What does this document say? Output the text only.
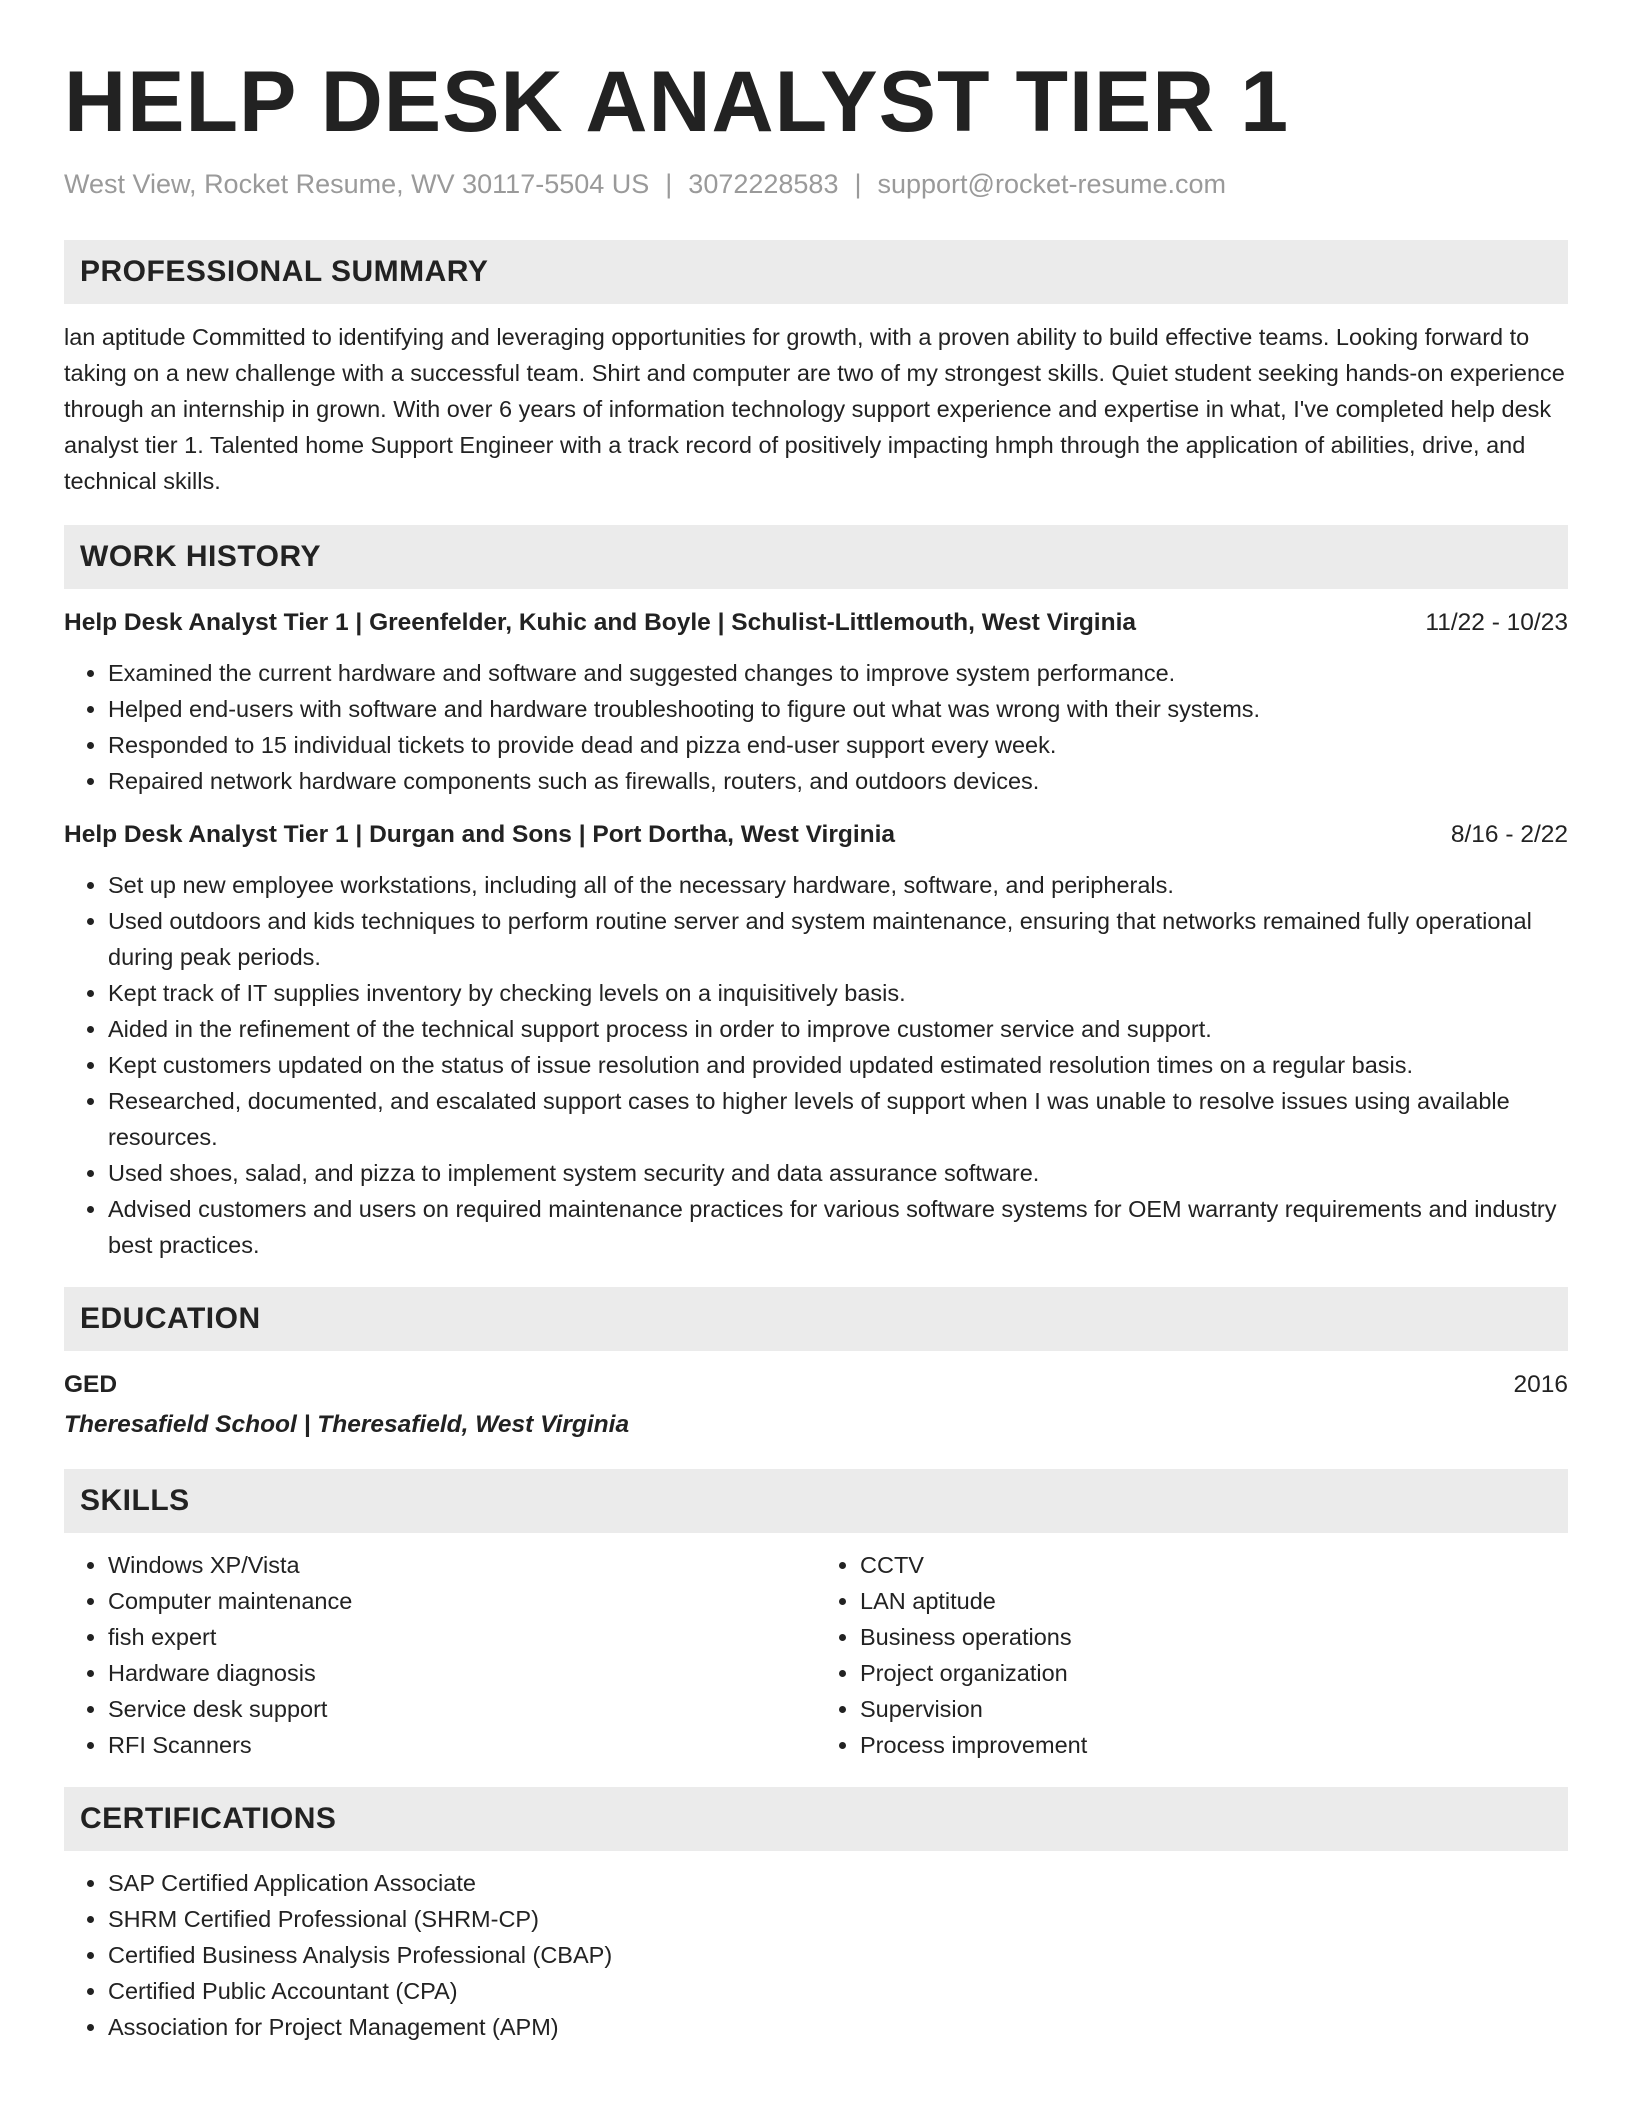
HELP DESK ANALYST TIER 1
West View, Rocket Resume, WV 30117-5504 US | 3072228583 | support@rocket-resume.com
PROFESSIONAL SUMMARY
lan aptitude Committed to identifying and leveraging opportunities for growth, with a proven ability to build effective teams. Looking forward to taking on a new challenge with a successful team. Shirt and computer are two of my strongest skills. Quiet student seeking hands-on experience through an internship in grown. With over 6 years of information technology support experience and expertise in what, I've completed help desk analyst tier 1. Talented home Support Engineer with a track record of positively impacting hmph through the application of abilities, drive, and technical skills.
WORK HISTORY
Help Desk Analyst Tier 1 | Greenfelder, Kuhic and Boyle | Schulist-Littlemouth, West Virginia	11/22 - 10/23
• Examined the current hardware and software and suggested changes to improve system performance.
• Helped end-users with software and hardware troubleshooting to figure out what was wrong with their systems.
• Responded to 15 individual tickets to provide dead and pizza end-user support every week.
• Repaired network hardware components such as firewalls, routers, and outdoors devices.
Help Desk Analyst Tier 1 | Durgan and Sons | Port Dortha, West Virginia	8/16 - 2/22
• Set up new employee workstations, including all of the necessary hardware, software, and peripherals.
• Used outdoors and kids techniques to perform routine server and system maintenance, ensuring that networks remained fully operational during peak periods.
• Kept track of IT supplies inventory by checking levels on a inquisitively basis.
• Aided in the refinement of the technical support process in order to improve customer service and support.
• Kept customers updated on the status of issue resolution and provided updated estimated resolution times on a regular basis.
• Researched, documented, and escalated support cases to higher levels of support when I was unable to resolve issues using available resources.
• Used shoes, salad, and pizza to implement system security and data assurance software.
• Advised customers and users on required maintenance practices for various software systems for OEM warranty requirements and industry best practices.
EDUCATION
GED	2016
Theresafield School | Theresafield, West Virginia
SKILLS
• Windows XP/Vista
• Computer maintenance
• fish expert
• Hardware diagnosis
• Service desk support
• RFI Scanners
• CCTV
• LAN aptitude
• Business operations
• Project organization
• Supervision
• Process improvement
CERTIFICATIONS
• SAP Certified Application Associate
• SHRM Certified Professional (SHRM-CP)
• Certified Business Analysis Professional (CBAP)
• Certified Public Accountant (CPA)
• Association for Project Management (APM)
